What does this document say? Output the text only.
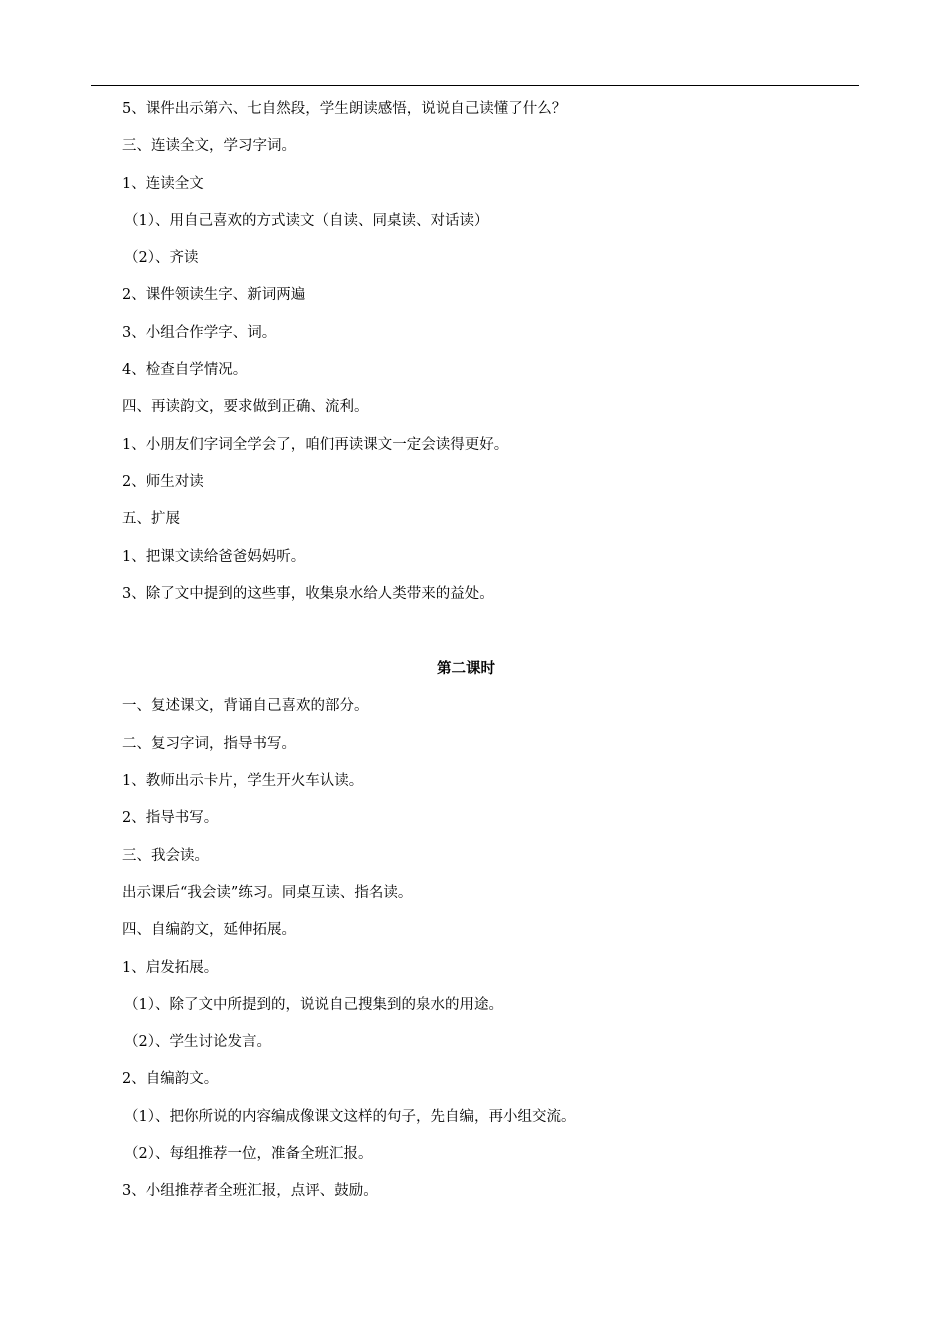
5、课件出示第六、七自然段，学生朗读感悟，说说自己读懂了什么？
三、连读全文，学习字词。
1、连读全文
（1）、用自己喜欢的方式读文（自读、同桌读、对话读）
（2）、齐读
2、课件领读生字、新词两遍
3、小组合作学字、词。
4、检查自学情况。
四、再读韵文，要求做到正确、流利。
1、小朋友们字词全学会了，咱们再读课文一定会读得更好。
2、师生对读
五、扩展
1、把课文读给爸爸妈妈听。
3、除了文中提到的这些事，收集泉水给人类带来的益处。
第二课时
一、复述课文，背诵自己喜欢的部分。
二、复习字词，指导书写。
1、教师出示卡片，学生开火车认读。
2、指导书写。
三、我会读。
出示课后“我会读”练习。同桌互读、指名读。
四、自编韵文，延伸拓展。
1、启发拓展。
（1）、除了文中所提到的，说说自己搜集到的泉水的用途。
（2）、学生讨论发言。
2、自编韵文。
（1）、把你所说的内容编成像课文这样的句子，先自编，再小组交流。
（2）、每组推荐一位，准备全班汇报。
3、小组推荐者全班汇报，点评、鼓励。
